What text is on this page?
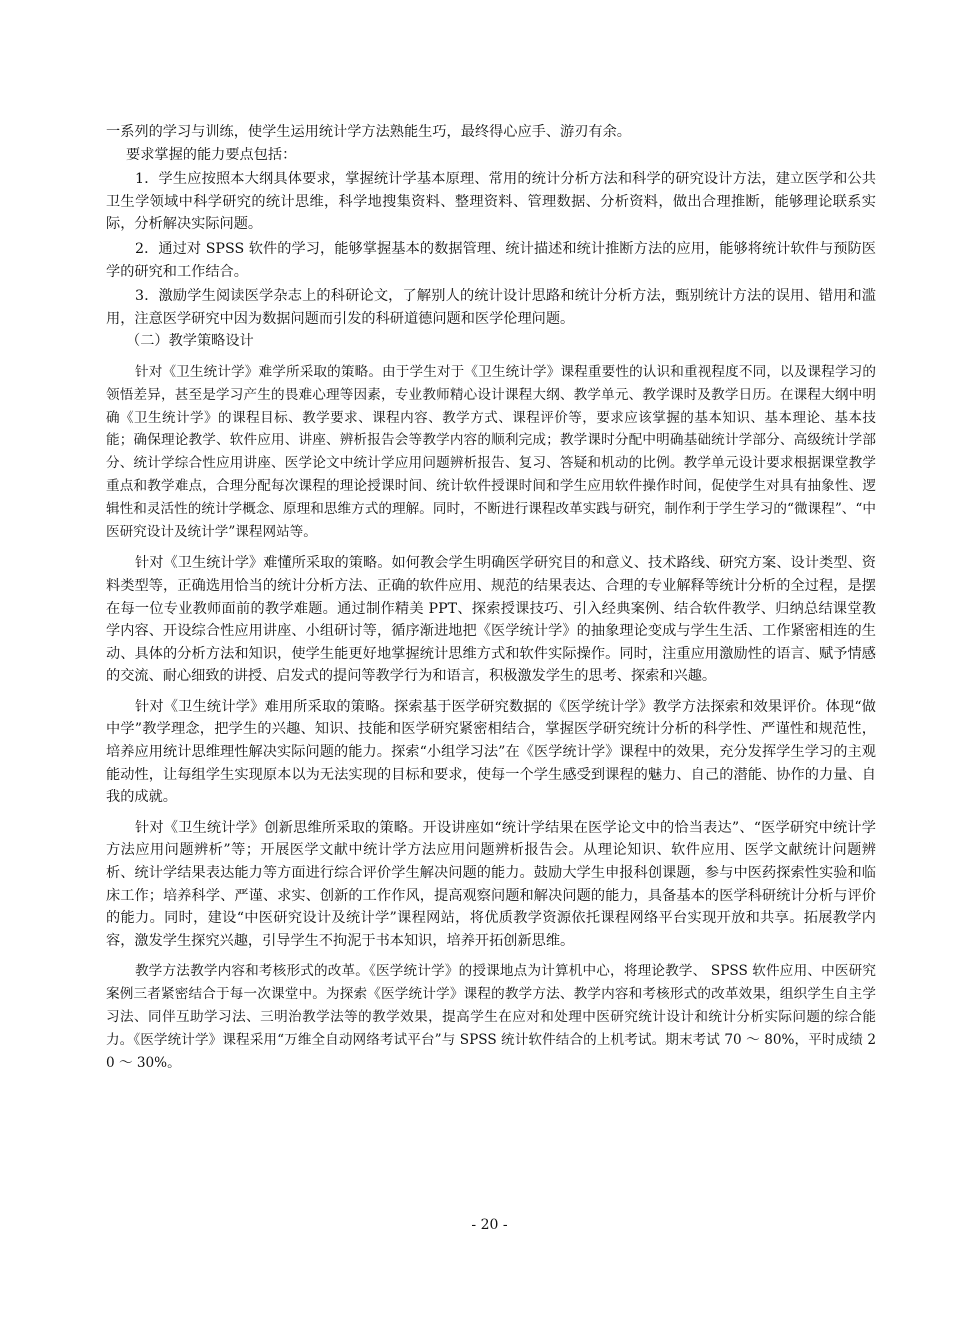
一系列的学习与训练，使学生运用统计学方法熟能生巧，最终得心应手、游刃有余。

要求掌握的能力要点包括：

1．学生应按照本大纲具体要求，掌握统计学基本原理、常用的统计分析方法和科学的研究设计方法，建立医学和公共卫生学领域中科学研究的统计思维，科学地搜集资料、整理资料、管理数据、分析资料，做出合理推断，能够理论联系实际，分析解决实际问题。

2．通过对 SPSS 软件的学习，能够掌握基本的数据管理、统计描述和统计推断方法的应用，能够将统计软件与预防医学的研究和工作结合。

3．激励学生阅读医学杂志上的科研论文，了解别人的统计设计思路和统计分析方法，甄别统计方法的误用、错用和滥用，注意医学研究中因为数据问题而引发的科研道德问题和医学伦理问题。

（二）教学策略设计

针对《卫生统计学》难学所采取的策略。由于学生对于《卫生统计学》课程重要性的认识和重视程度不同，以及课程学习的领悟差异，甚至是学习产生的畏难心理等因素，专业教师精心设计课程大纲、教学单元、教学课时及教学日历。在课程大纲中明确《卫生统计学》的课程目标、教学要求、课程内容、教学方式、课程评价等，要求应该掌握的基本知识、基本理论、基本技能；确保理论教学、软件应用、讲座、辨析报告会等教学内容的顺利完成；教学课时分配中明确基础统计学部分、高级统计学部分、统计学综合性应用讲座、医学论文中统计学应用问题辨析报告、复习、答疑和机动的比例。教学单元设计要求根据课堂教学重点和教学难点，合理分配每次课程的理论授课时间、统计软件授课时间和学生应用软件操作时间，促使学生对具有抽象性、逻辑性和灵活性的统计学概念、原理和思维方式的理解。同时，不断进行课程改革实践与研究，制作利于学生学习的“微课程”、“中医研究设计及统计学”课程网站等。

针对《卫生统计学》难懂所采取的策略。如何教会学生明确医学研究目的和意义、技术路线、研究方案、设计类型、资料类型等，正确选用恰当的统计分析方法、正确的软件应用、规范的结果表达、合理的专业解释等统计分析的全过程，是摆在每一位专业教师面前的教学难题。通过制作精美 PPT、探索授课技巧、引入经典案例、结合软件教学、归纳总结课堂教学内容、开设综合性应用讲座、小组研讨等，循序渐进地把《医学统计学》的抽象理论变成与学生生活、工作紧密相连的生动、具体的分析方法和知识，使学生能更好地掌握统计思维方式和软件实际操作。同时，注重应用激励性的语言、赋予情感的交流、耐心细致的讲授、启发式的提问等教学行为和语言，积极激发学生的思考、探索和兴趣。

针对《卫生统计学》难用所采取的策略。探索基于医学研究数据的《医学统计学》教学方法探索和效果评价。体现“做中学”教学理念，把学生的兴趣、知识、技能和医学研究紧密相结合，掌握医学研究统计分析的科学性、严谨性和规范性，培养应用统计思维理性解决实际问题的能力。探索“小组学习法”在《医学统计学》课程中的效果，充分发挥学生学习的主观能动性，让每组学生实现原本以为无法实现的目标和要求，使每一个学生感受到课程的魅力、自己的潜能、协作的力量、自我的成就。

针对《卫生统计学》创新思维所采取的策略。开设讲座如“统计学结果在医学论文中的恰当表达”、“医学研究中统计学方法应用问题辨析”等；开展医学文献中统计学方法应用问题辨析报告会。从理论知识、软件应用、医学文献统计问题辨析、统计学结果表达能力等方面进行综合评价学生解决问题的能力。鼓励大学生申报科创课题，参与中医药探索性实验和临床工作；培养科学、严谨、求实、创新的工作作风，提高观察问题和解决问题的能力，具备基本的医学科研统计分析与评价的能力。同时，建设“中医研究设计及统计学”课程网站，将优质教学资源依托课程网络平台实现开放和共享。拓展教学内容，激发学生探究兴趣，引导学生不拘泥于书本知识，培养开拓创新思维。

教学方法教学内容和考核形式的改革。《医学统计学》的授课地点为计算机中心，将理论教学、 SPSS 软件应用、中医研究案例三者紧密结合于每一次课堂中。为探索《医学统计学》课程的教学方法、教学内容和考核形式的改革效果，组织学生自主学习法、同伴互助学习法、三明治教学法等的教学效果，提高学生在应对和处理中医研究统计设计和统计分析实际问题的综合能力。《医学统计学》课程采用“万维全自动网络考试平台”与 SPSS 统计软件结合的上机考试。期末考试 70 ～ 80%，平时成绩 20 ～ 30%。

- 20 -
